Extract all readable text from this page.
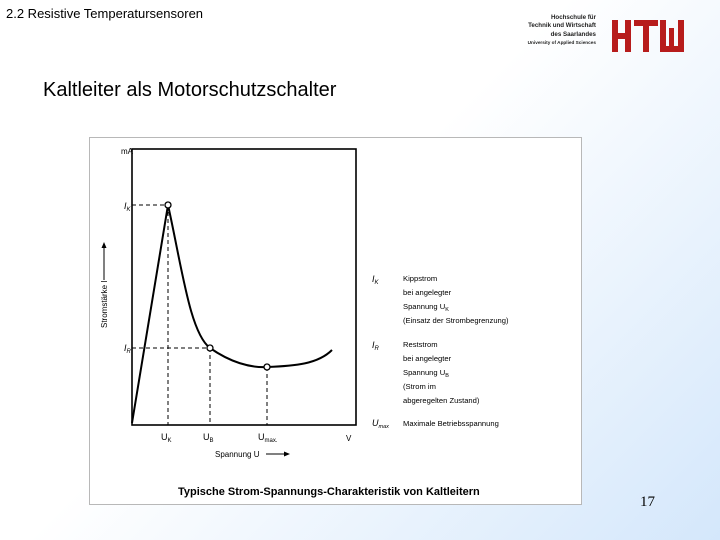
2.2 Resistive Temperatursensoren	Hochschule für
Technik und Wirtschaft
des Saarlandes
University of Applied Sciences
Kaltleiter als Motorschutzschalter
mA
Stromstärke I
V
Spannung U
$I_K$
$I_R$
$U_K$	$U_B$	$U_{max.}$
$I_K$	Kippstrom
bei angelegter
Spannung $U_K$
(Einsatz der Strombegrenzung)
$I_R$	Reststrom
bei angelegter
Spannung $U_B$
(Strom im
abgeregelten Zustand)
$U_{max}$ Maximale Betriebsspannung
Typische Strom-Spannungs-Charakteristik von Kaltleitern
17
